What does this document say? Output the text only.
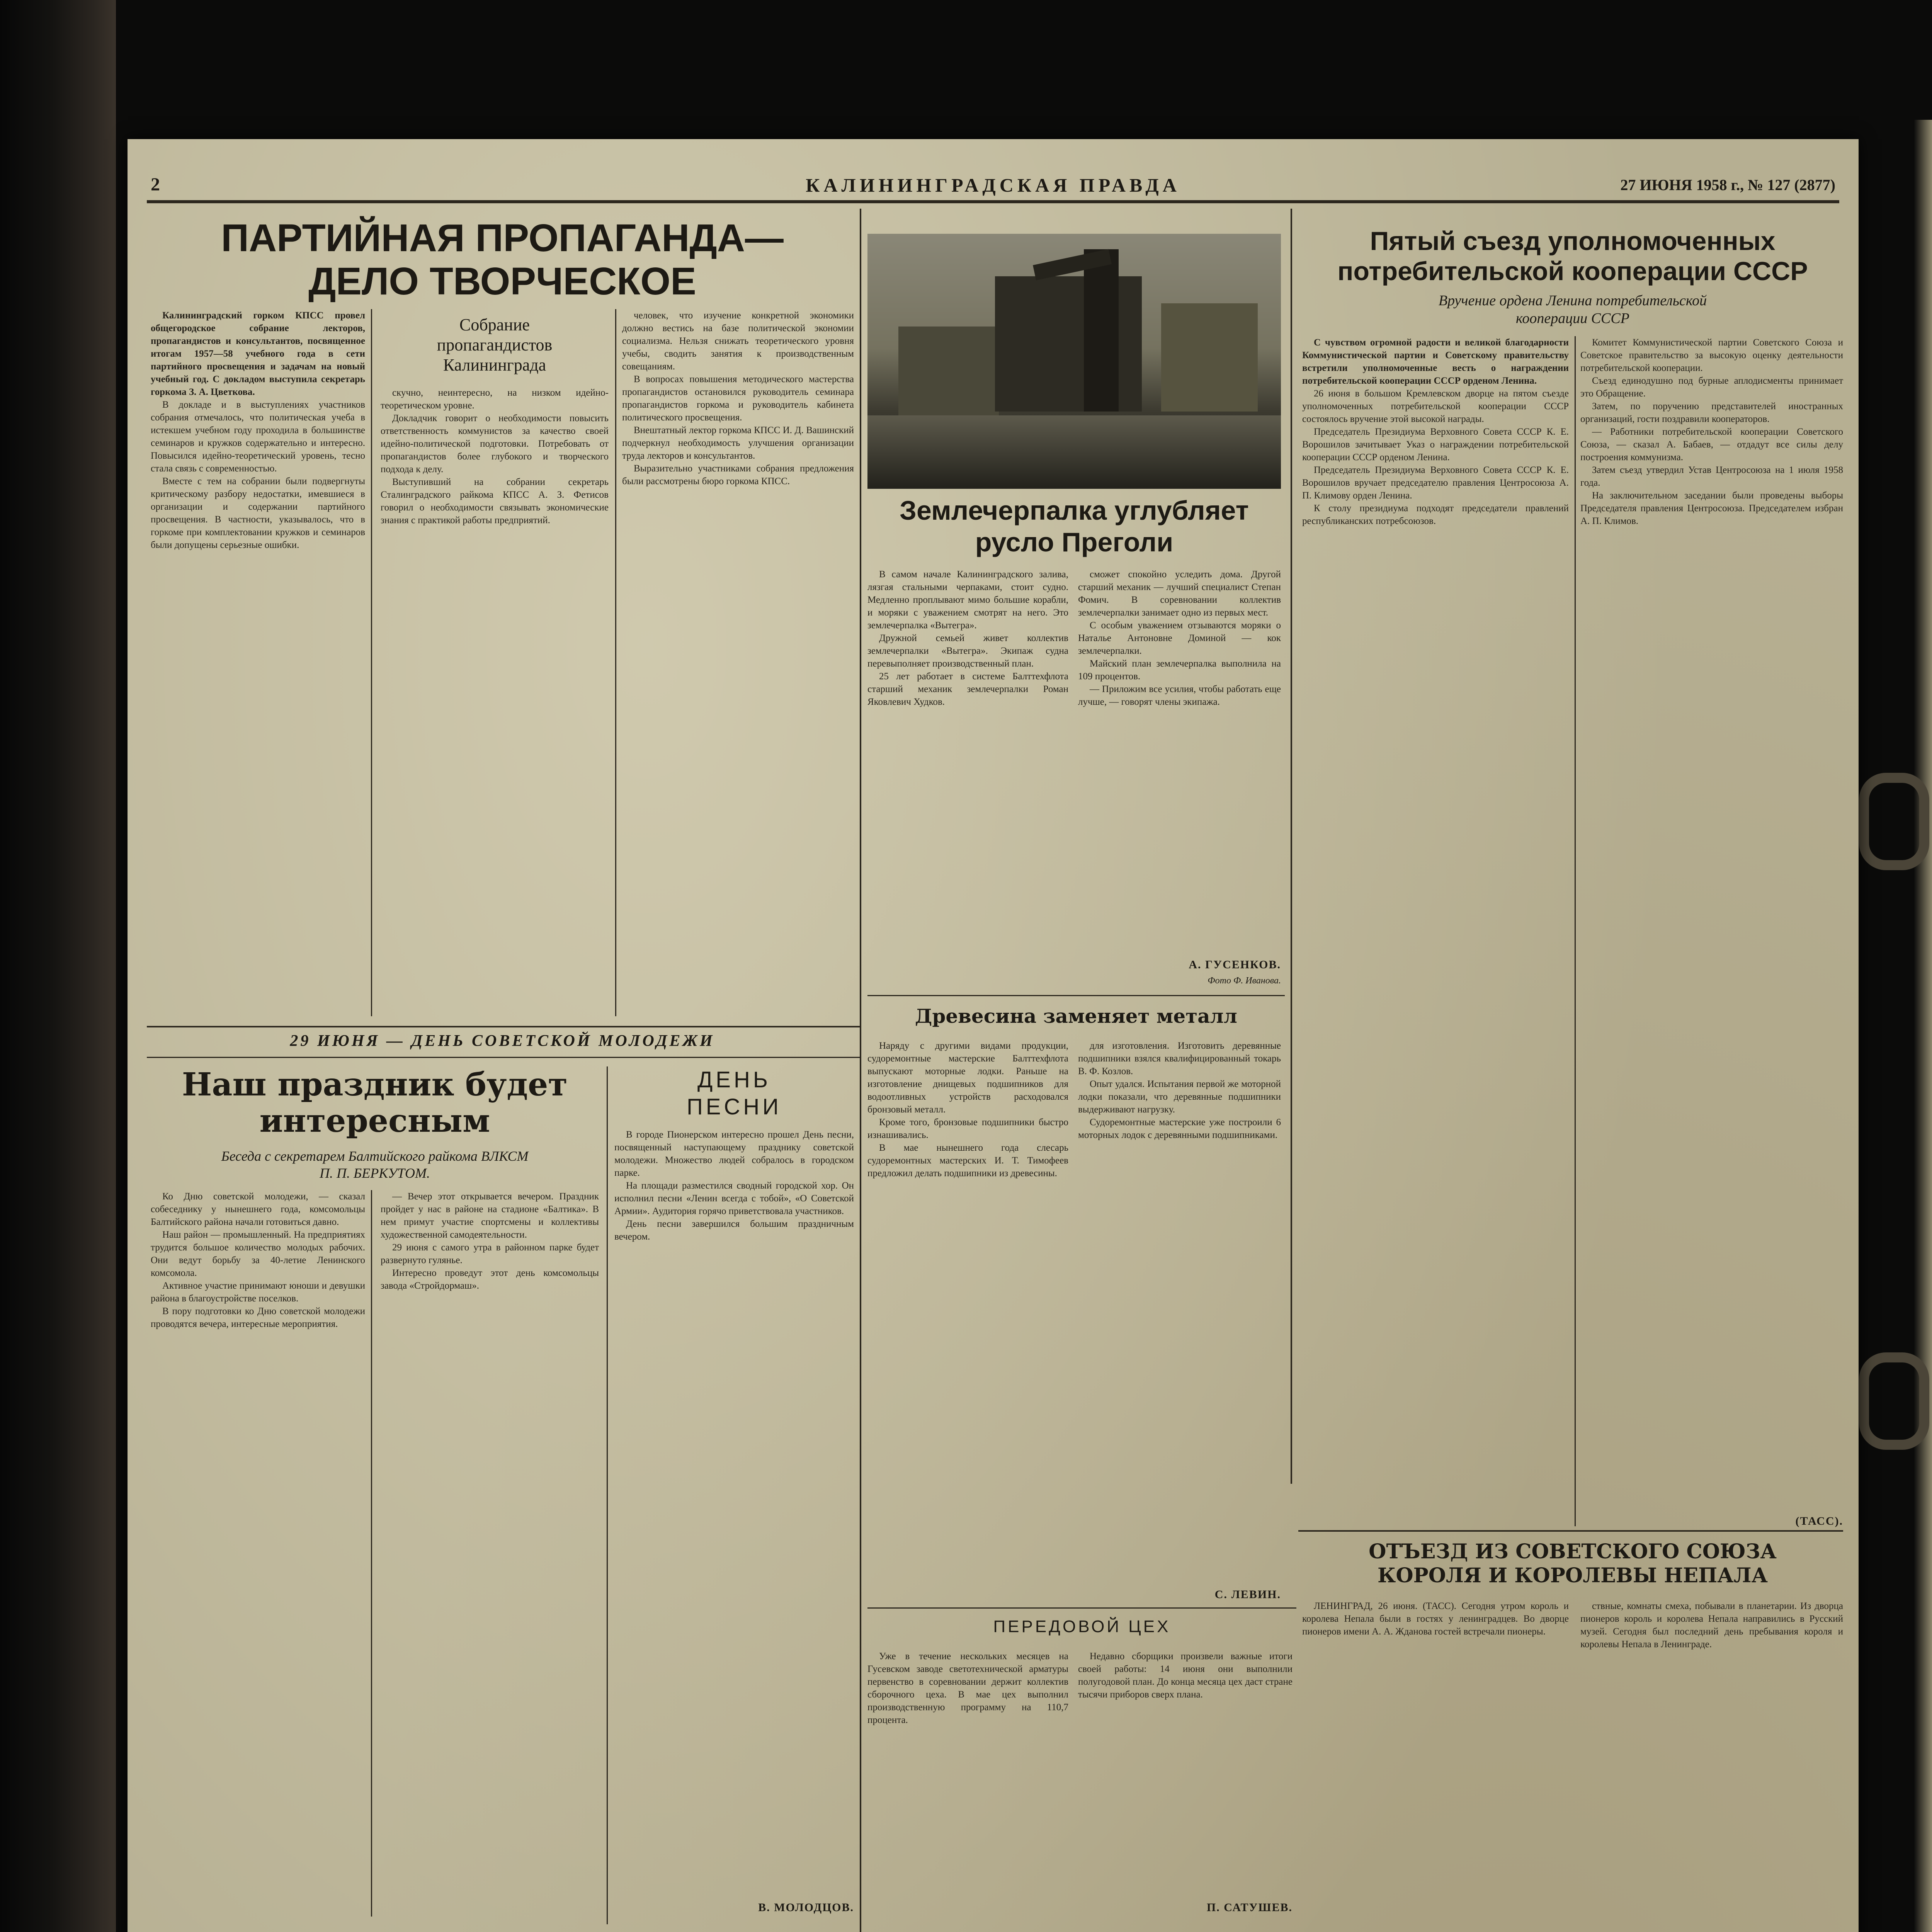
2	КАЛИНИНГРАДСКАЯ ПРАВДА	27 ИЮНЯ 1958 г., № 127 (2877)
ПАРТИЙНАЯ ПРОПАГАНДА—
ДЕЛО ТВОРЧЕСКОЕ

Калининградский горком КПСС провел общегородское собрание лекторов, пропагандистов и консультантов, посвященное итогам 1957—58 учебного года в сети партийного просвещения и задачам на новый учебный год. С докладом выступила секретарь горкома З. А. Цветкова.

В докладе и в выступлениях участников собрания отмечалось, что политическая учеба в истекшем учебном году проходила в большинстве семинаров и кружков содержательно и интересно. Повысился идейно-теоретический уровень, тесно стала связь с современностью.

Вместе с тем на собрании были подвергнуты критическому разбору недостатки, имевшиеся в организации и содержании партийного просвещения. В частности, указывалось, что в горкоме при комплектовании кружков и семинаров были допущены серьезные ошибки.

Собрание
пропагандистов
Калининграда

скучно, неинтересно, на низком идейно-теоретическом уровне.

Докладчик говорит о необходимости повысить ответственность коммунистов за качество своей идейно-политической подготовки. Потребовать от пропагандистов более глубокого и творческого подхода к делу.

Выступивший на собрании секретарь Сталинградского райкома КПСС А. З. Фетисов говорил о необходимости связывать экономические знания с практикой работы предприятий.

человек, что изучение конкретной экономики должно вестись на базе политической экономии социализма. Нельзя снижать теоретического уровня учебы, сводить занятия к производственным совещаниям.

В вопросах повышения методического мастерства пропагандистов остановился руководитель семинара пропагандистов горкома и руководитель кабинета политического просвещения.

Внештатный лектор горкома КПСС И. Д. Вашинский подчеркнул необходимость улучшения организации труда лекторов и консультантов.

Выразительно участниками собрания предложения были рассмотрены бюро горкома КПСС.

Землечерпалка углубляет
русло Преголи

В самом начале Калининградского залива, лязгая стальными черпаками, стоит судно. Медленно проплывают мимо большие корабли, и моряки с уважением смотрят на него. Это землечерпалка «Вытегра».

Дружной семьей живет коллектив землечерпалки «Вытегра». Экипаж судна перевыполняет производственный план.

25 лет работает в системе Балттехфлота старший механик землечерпалки Роман Яковлевич Худков.

сможет спокойно уследить дома. Другой старший механик — лучший специалист Степан Фомич. В соревновании коллектив землечерпалки занимает одно из первых мест.

С особым уважением отзываются моряки о Наталье Антоновне Доминой — кок землечерпалки.

Майский план землечерпалка выполнила на 109 процентов.

— Приложим все усилия, чтобы работать еще лучше, — говорят члены экипажа.

А. ГУСЕНКОВ.
Фото Ф. Иванова.
Древесина заменяет металл

Наряду с другими видами продукции, судоремонтные мастерские Балттехфлота выпускают моторные лодки. Раньше на изготовление днищевых подшипников для водоотливных устройств расходовался бронзовый металл.

Кроме того, бронзовые подшипники быстро изнашивались.

В мае нынешнего года слесарь судоремонтных мастерских И. Т. Тимофеев предложил делать подшипники из древесины.

для изготовления. Изготовить деревянные подшипники взялся квалифицированный токарь В. Ф. Козлов.

Опыт удался. Испытания первой же моторной лодки показали, что деревянные подшипники выдерживают нагрузку.

Судоремонтные мастерские уже построили 6 моторных лодок с деревянными подшипниками.

С. ЛЕВИН.
Пятый съезд уполномоченных
потребительской кооперации СССР
Вручение ордена Ленина потребительской
кооперации СССР

С чувством огромной радости и великой благодарности Коммунистической партии и Советскому правительству встретили уполномоченные весть о награждении потребительской кооперации СССР орденом Ленина.

26 июня в большом Кремлевском дворце на пятом съезде уполномоченных потребительской кооперации СССР состоялось вручение этой высокой награды.

Председатель Президиума Верховного Совета СССР К. Е. Ворошилов зачитывает Указ о награждении потребительской кооперации СССР орденом Ленина.

Председатель Президиума Верховного Совета СССР К. Е. Ворошилов вручает председателю правления Центросоюза А. П. Климову орден Ленина.

К столу президиума подходят председатели правлений республиканских потребсоюзов.

Комитет Коммунистической партии Советского Союза и Советское правительство за высокую оценку деятельности потребительской кооперации.

Съезд единодушно под бурные аплодисменты принимает это Обращение.

Затем, по поручению представителей иностранных организаций, гости поздравили кооператоров.

— Работники потребительской кооперации Советского Союза, — сказал А. Бабаев, — отдадут все силы делу построения коммунизма.

Затем съезд утвердил Устав Центросоюза на 1 июля 1958 года.

На заключительном заседании были проведены выборы Председателя правления Центросоюза. Председателем избран А. П. Климов.

(ТАСС).
ОТЪЕЗД ИЗ СОВЕТСКОГО СОЮЗА
КОРОЛЯ И КОРОЛЕВЫ НЕПАЛА

ЛЕНИНГРАД, 26 июня. (ТАСС). Сегодня утром король и королева Непала были в гостях у ленинградцев. Во дворце пионеров имени А. А. Жданова гостей встречали пионеры.

ствные, комнаты смеха, побывали в планетарии. Из дворца пионеров король и королева Непала направились в Русский музей. Сегодня был последний день пребывания короля и королевы Непала в Ленинграде.

29 ИЮНЯ — ДЕНЬ СОВЕТСКОЙ МОЛОДЕЖИ
Наш праздник будет
интересным
Беседа с секретарем Балтийского райкома ВЛКСМ
П. П. БЕРКУТОМ.

Ко Дню советской молодежи, — сказал собеседнику у нынешнего года, комсомольцы Балтийского района начали готовиться давно.

Наш район — промышленный. На предприятиях трудится большое количество молодых рабочих. Они ведут борьбу за 40-летие Ленинского комсомола.

Активное участие принимают юноши и девушки района в благоустройстве поселков.

В пору подготовки ко Дню советской молодежи проводятся вечера, интересные мероприятия.

— Вечер этот открывается вечером. Праздник пройдет у нас в районе на стадионе «Балтика». В нем примут участие спортсмены и коллективы художественной самодеятельности.

29 июня с самого утра в районном парке будет развернуто гулянье.

Интересно проведут этот день комсомольцы завода «Стройдормаш».

ДЕНЬ
ПЕСНИ

В городе Пионерском интересно прошел День песни, посвященный наступающему празднику советской молодежи. Множество людей собралось в городском парке.

На площади разместился сводный городской хор. Он исполнил песни «Ленин всегда с тобой», «О Советской Армии». Аудитория горячо приветствовала участников.

День песни завершился большим праздничным вечером.

В. МОЛОДЦОВ.
ПЕРЕДОВОЙ ЦЕХ

Уже в течение нескольких месяцев на Гусевском заводе светотехнической арматуры первенство в соревновании держит коллектив сборочного цеха. В мае цех выполнил производственную программу на 110,7 процента.

Недавно сборщики произвели важные итоги своей работы: 14 июня они выполнили полугодовой план. До конца месяца цех даст стране тысячи приборов сверх плана.

П. САТУШЕВ.
